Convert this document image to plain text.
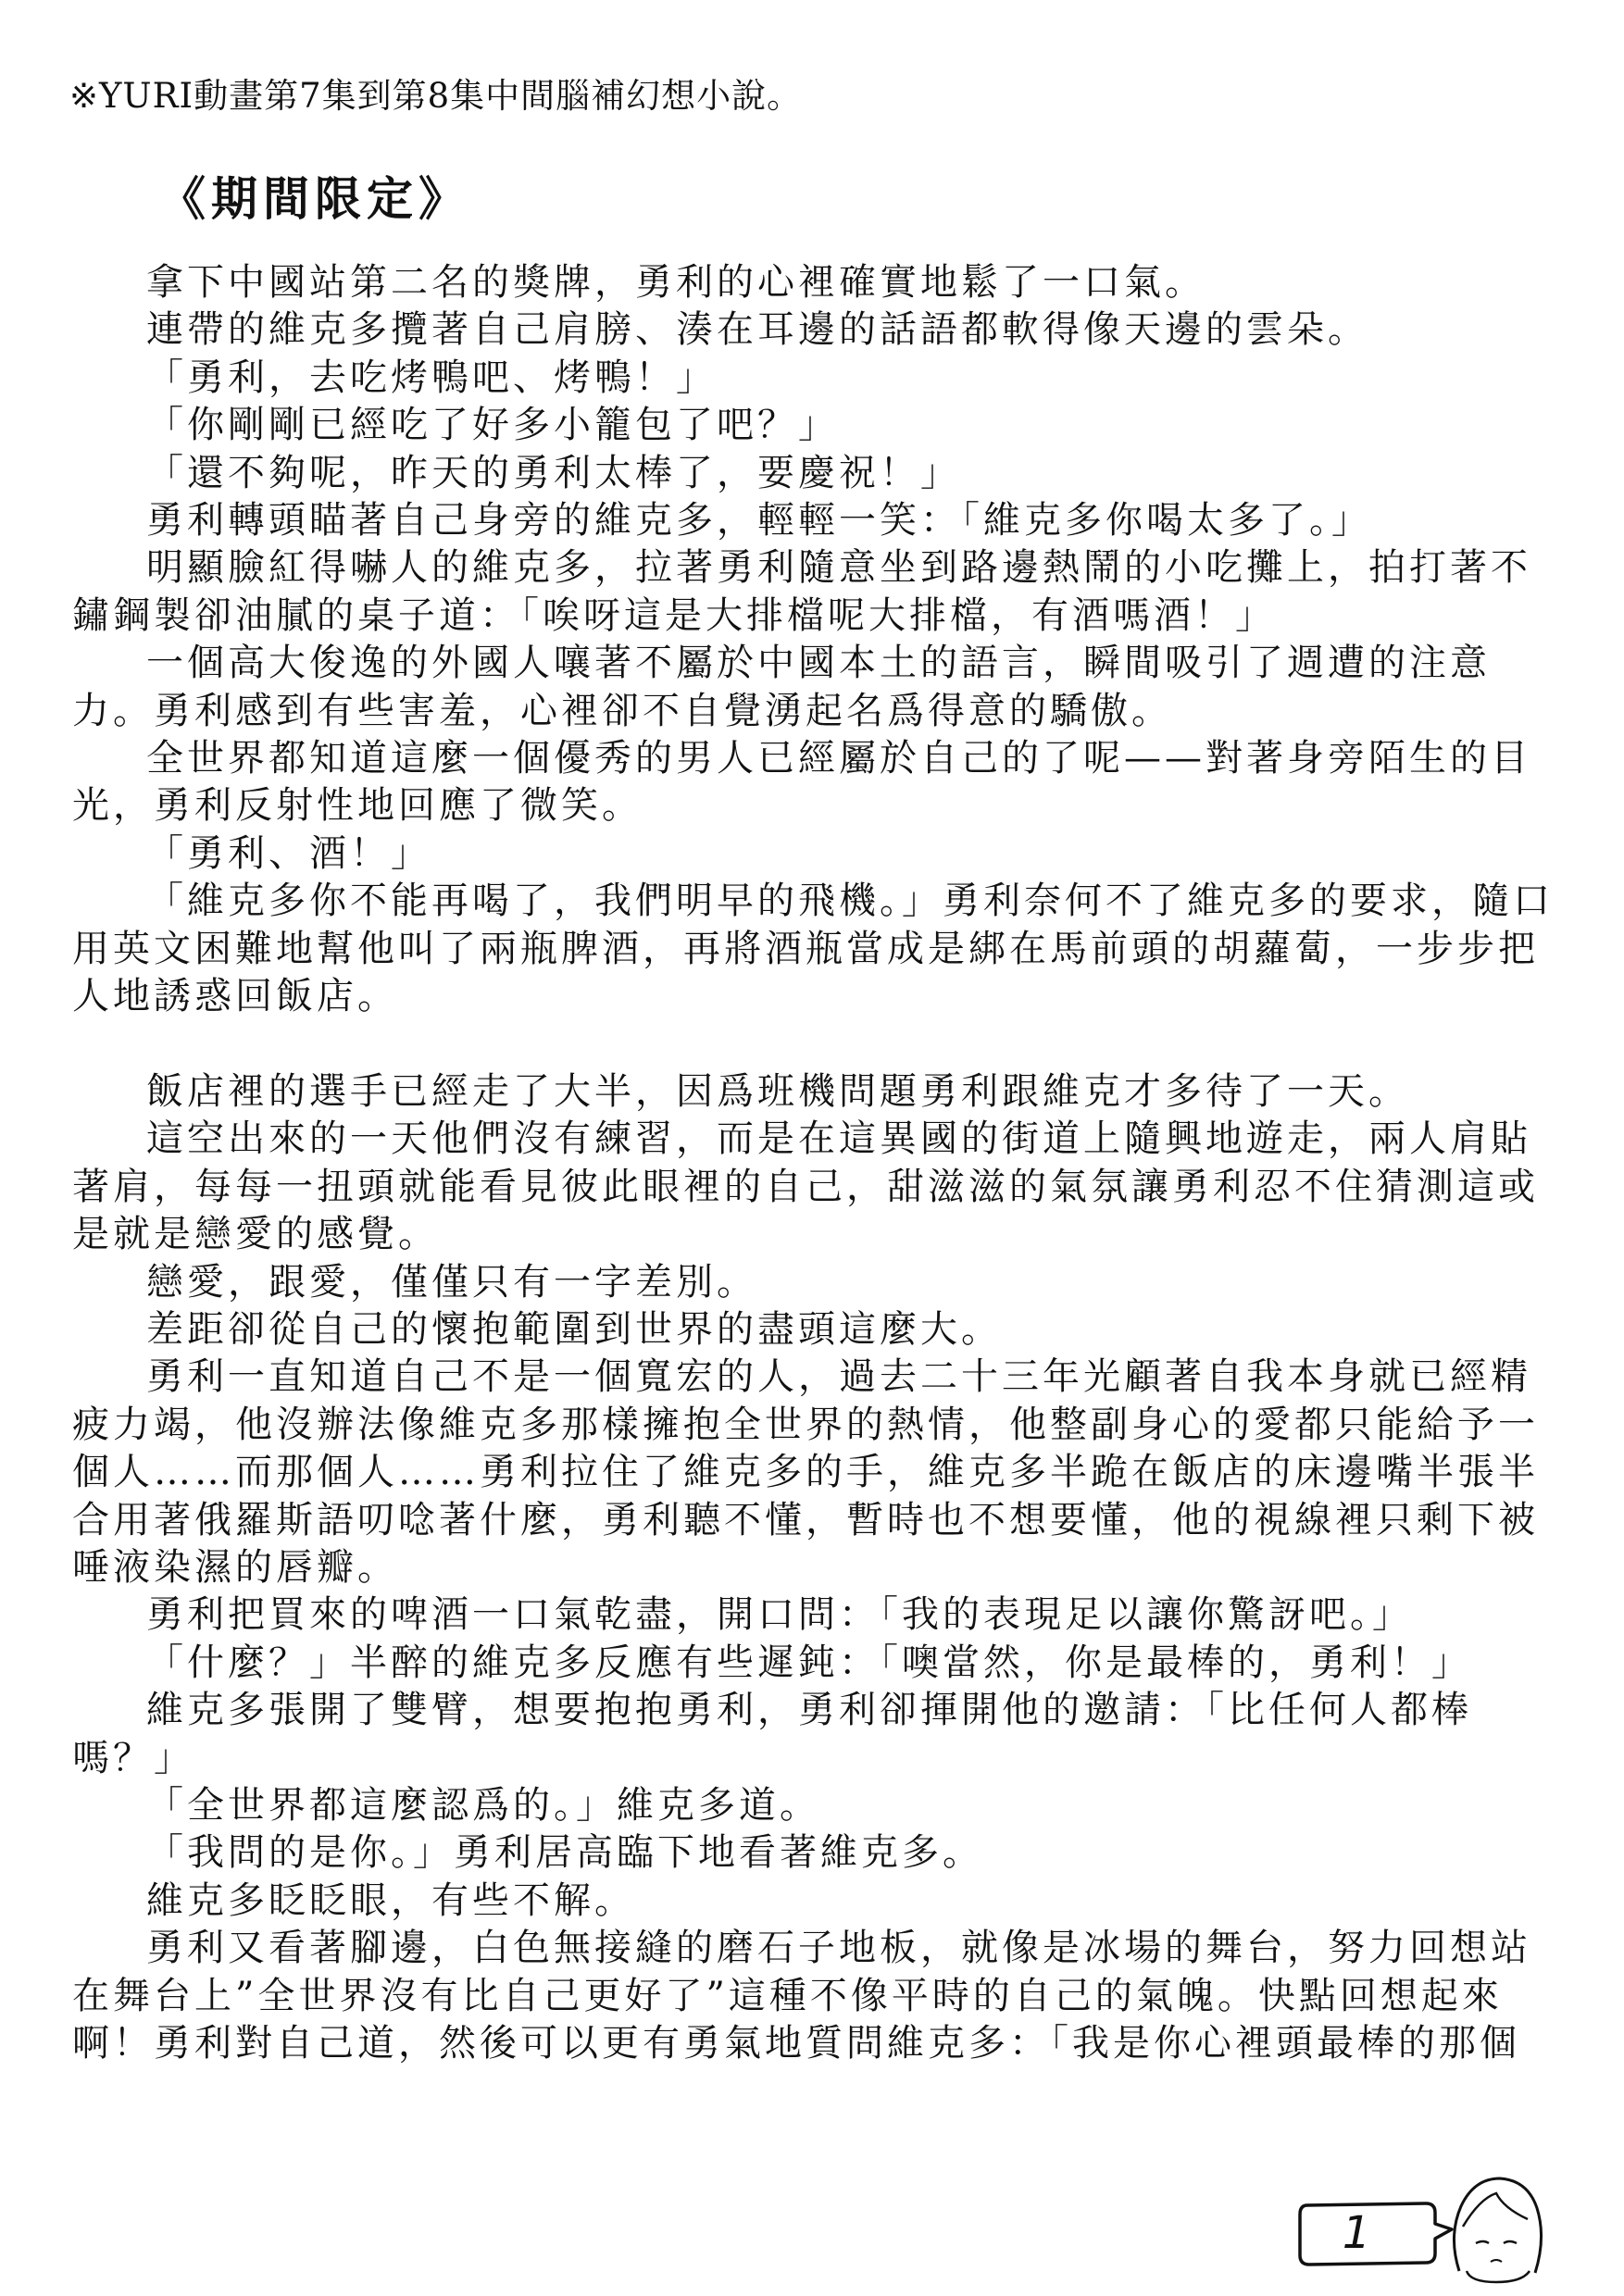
※YURI動畫第7集到第8集中間腦補幻想小說。
《期間限定》

拿下中國站第二名的獎牌，勇利的心裡確實地鬆了一口氣。

連帶的維克多攬著自己肩膀、湊在耳邊的話語都軟得像天邊的雲朵。

「勇利，去吃烤鴨吧、烤鴨！」

「你剛剛已經吃了好多小籠包了吧？」

「還不夠呢，昨天的勇利太棒了，要慶祝！」

勇利轉頭瞄著自己身旁的維克多，輕輕一笑：「維克多你喝太多了。」

明顯臉紅得嚇人的維克多，拉著勇利隨意坐到路邊熱鬧的小吃攤上，拍打著不鏽鋼製卻油膩的桌子道：「唉呀這是大排檔呢大排檔，有酒嗎酒！」

一個高大俊逸的外國人嚷著不屬於中國本土的語言，瞬間吸引了週遭的注意力。勇利感到有些害羞，心裡卻不自覺湧起名爲得意的驕傲。

全世界都知道這麼一個優秀的男人已經屬於自己的了呢——對著身旁陌生的目光，勇利反射性地回應了微笑。

「勇利、酒！」

「維克多你不能再喝了，我們明早的飛機。」勇利奈何不了維克多的要求，隨口用英文困難地幫他叫了兩瓶脾酒，再將酒瓶當成是綁在馬前頭的胡蘿蔔，一步步把人地誘惑回飯店。

飯店裡的選手已經走了大半，因爲班機問題勇利跟維克才多待了一天。

這空出來的一天他們沒有練習，而是在這異國的街道上隨興地遊走，兩人肩貼著肩，每每一扭頭就能看見彼此眼裡的自己，甜滋滋的氣氛讓勇利忍不住猜測這或是就是戀愛的感覺。

戀愛，跟愛，僅僅只有一字差別。

差距卻從自己的懷抱範圍到世界的盡頭這麼大。

勇利一直知道自己不是一個寬宏的人，過去二十三年光顧著自我本身就已經精疲力竭，他沒辦法像維克多那樣擁抱全世界的熱情，他整副身心的愛都只能給予一個人……而那個人……勇利拉住了維克多的手，維克多半跪在飯店的床邊嘴半張半合用著俄羅斯語叨唸著什麼，勇利聽不懂，暫時也不想要懂，他的視線裡只剩下被唾液染濕的唇瓣。

勇利把買來的啤酒一口氣乾盡，開口問：「我的表現足以讓你驚訝吧。」

「什麼？」半醉的維克多反應有些遲鈍：「噢當然，你是最棒的，勇利！」

維克多張開了雙臂，想要抱抱勇利，勇利卻揮開他的邀請：「比任何人都棒嗎？」

「全世界都這麼認爲的。」維克多道。

「我問的是你。」勇利居高臨下地看著維克多。

維克多眨眨眼，有些不解。

勇利又看著腳邊，白色無接縫的磨石子地板，就像是冰場的舞台，努力回想站在舞台上”全世界沒有比自己更好了”這種不像平時的自己的氣魄。快點回想起來啊！勇利對自己道，然後可以更有勇氣地質問維克多：「我是你心裡頭最棒的那個

1
